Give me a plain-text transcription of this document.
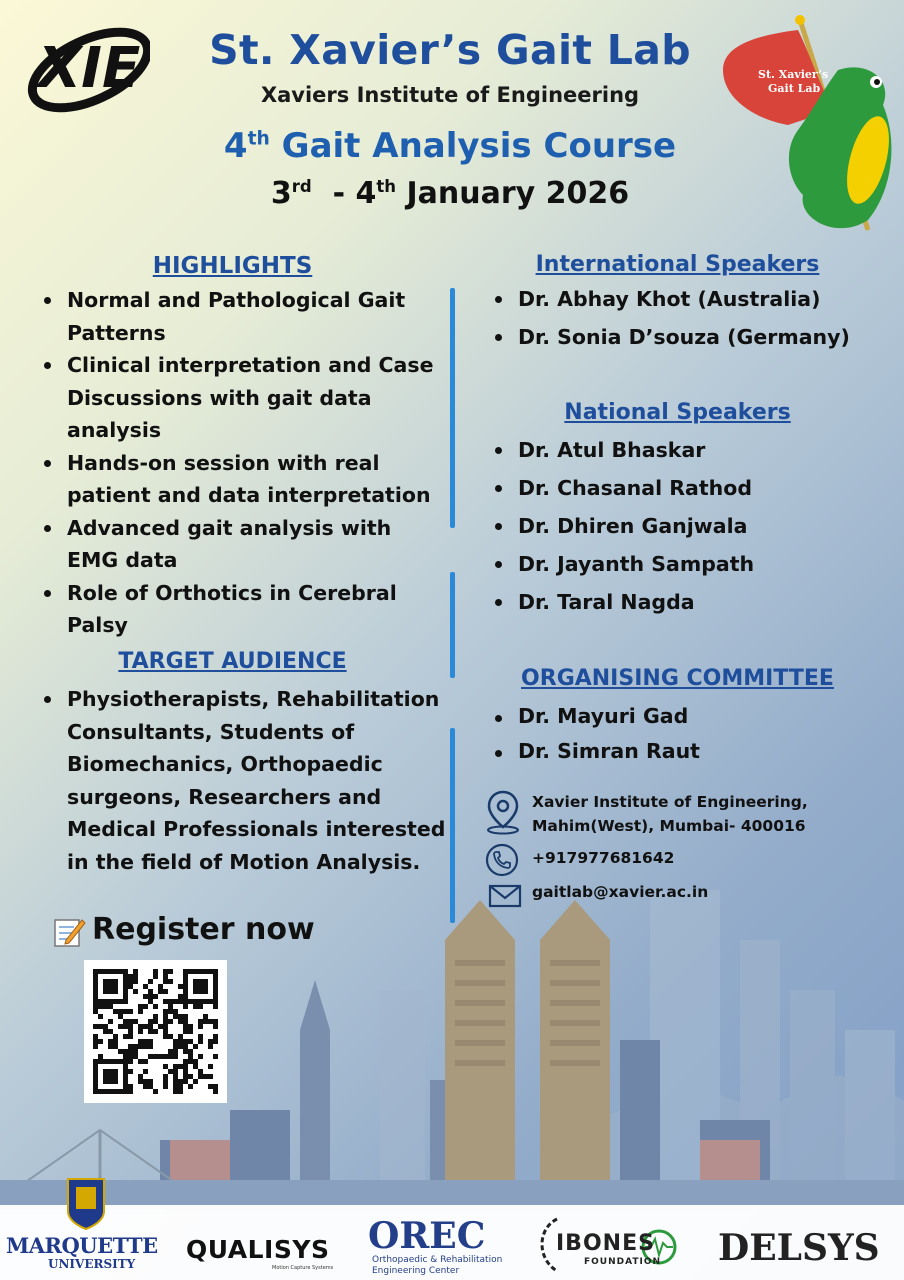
XIE	St. Xavier’s
Gait Lab
St. Xavier’s Gait Lab
Xaviers Institute of Engineering
4th Gait Analysis Course
3rd  - 4th January 2026
HIGHLIGHTS
Normal and Pathological Gait Patterns
Clinical interpretation and Case Discussions with gait data analysis
Hands-on session with real patient and data interpretation
Advanced gait analysis with EMG data
Role of Orthotics in Cerebral Palsy
TARGET AUDIENCE
Physiotherapists, Rehabilitation Consultants, Students of Biomechanics, Orthopaedic surgeons, Researchers and Medical Professionals interested in the field of Motion Analysis.
International Speakers
Dr. Abhay Khot (Australia)
Dr. Sonia D’souza (Germany)
National Speakers
Dr. Atul Bhaskar
Dr. Chasanal Rathod
Dr. Dhiren Ganjwala
Dr. Jayanth Sampath
Dr. Taral Nagda
ORGANISING COMMITTEE
Dr. Mayuri Gad
Dr. Simran Raut
Xavier Institute of Engineering,
Mahim(West), Mumbai- 400016
+917977681642
gaitlab@xavier.ac.in
Register now
MARQUETTE
UNIVERSITY QUALISYS
Motion Capture Systems
OREC
Orthopaedic & Rehabilitation
Engineering Center
IBONES
FOUNDATION DELSYS
